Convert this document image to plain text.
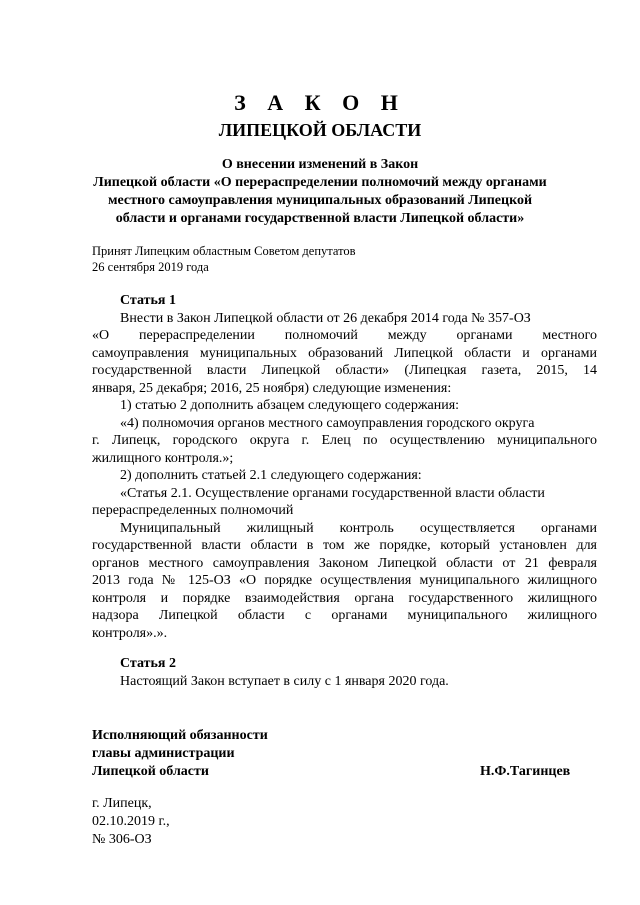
З А К О Н
ЛИПЕЦКОЙ ОБЛАСТИ
О внесении изменений в Закон
Липецкой области «О перераспределении полномочий между органами
местного самоуправления муниципальных образований Липецкой
области и органами государственной власти Липецкой области»
Принят Липецким областным Советом депутатов
26 сентября 2019 года
Статья 1
Внести в Закон Липецкой области от 26 декабря 2014 года № 357-ОЗ
«О перераспределении полномочий между органами местного
самоуправления муниципальных образований Липецкой области и органами
государственной власти Липецкой области» (Липецкая газета, 2015, 14
января, 25 декабря; 2016, 25 ноября) следующие изменения:
1) статью 2 дополнить абзацем следующего содержания:
«4) полномочия органов местного самоуправления городского округа
г. Липецк, городского округа г. Елец по осуществлению муниципального
жилищного контроля.»;
2) дополнить статьей 2.1 следующего содержания:
«Статья 2.1. Осуществление органами государственной власти области
перераспределенных полномочий
Муниципальный жилищный контроль осуществляется органами
государственной власти области в том же порядке, который установлен для
органов местного самоуправления Законом Липецкой области от 21 февраля
2013 года № 125-ОЗ «О порядке осуществления муниципального жилищного
контроля и порядке взаимодействия органа государственного жилищного
надзора Липецкой области с органами муниципального жилищного
контроля».».
Статья 2
Настоящий Закон вступает в силу с 1 января 2020 года.
Исполняющий обязанности
главы администрации
Липецкой области	Н.Ф.Тагинцев
г. Липецк,
02.10.2019 г.,
№ 306-ОЗ
